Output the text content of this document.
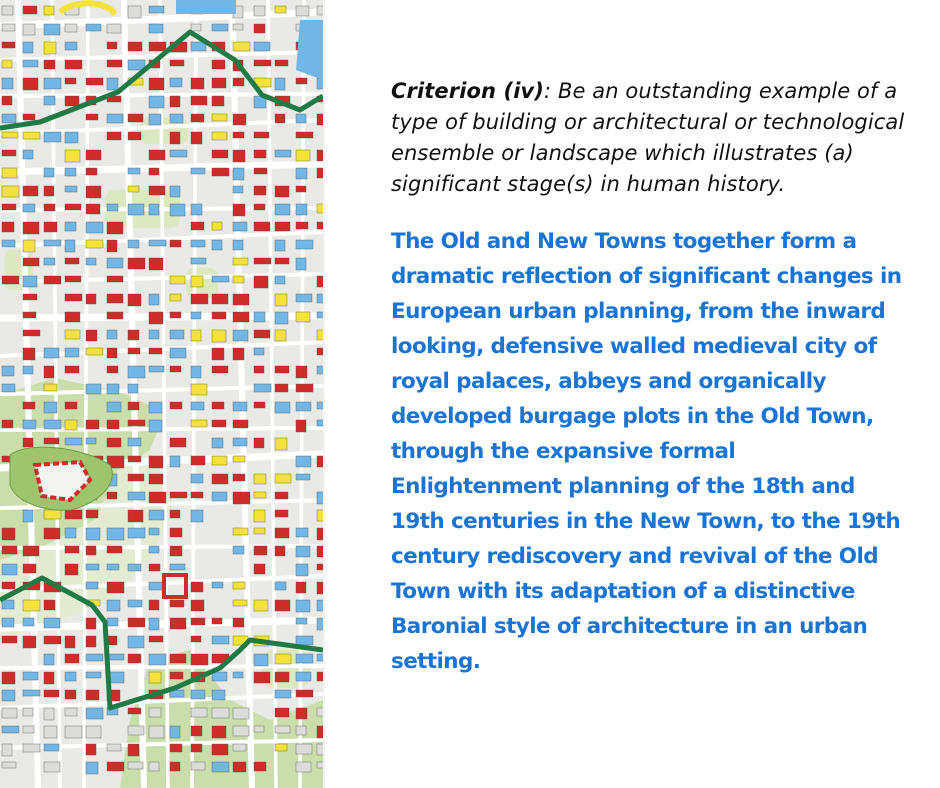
Criterion (iv): Be an outstanding example of a type of building or architectural or technological ensemble or landscape which illustrates (a) significant stage(s) in human history.

The Old and New Towns together form a dramatic reflection of significant changes in European urban planning, from the inward looking, defensive walled medieval city of royal palaces, abbeys and organically developed burgage plots in the Old Town, through the expansive formal Enlightenment planning of the 18th and 19th centuries in the New Town, to the 19th century rediscovery and revival of the Old Town with its adaptation of a distinctive Baronial style of architecture in an urban setting.
